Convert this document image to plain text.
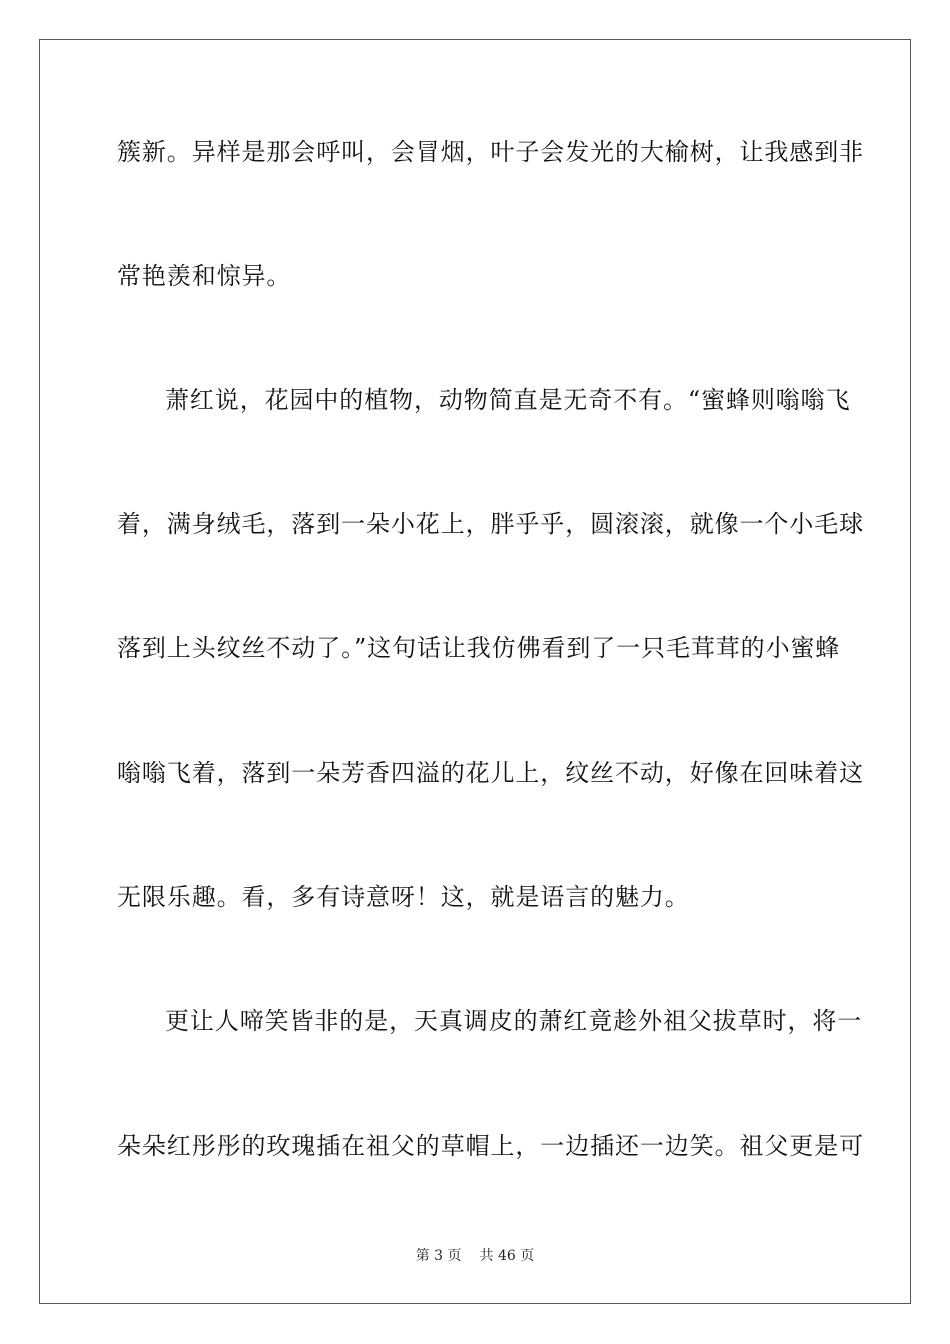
簇新。异样是那会呼叫，会冒烟，叶子会发光的大榆树，让我感到非
常艳羡和惊异。
萧红说，花园中的植物，动物简直是无奇不有。“蜜蜂则嗡嗡飞
着，满身绒毛，落到一朵小花上，胖乎乎，圆滚滚，就像一个小毛球
落到上头纹丝不动了。”这句话让我仿佛看到了一只毛茸茸的小蜜蜂
嗡嗡飞着，落到一朵芳香四溢的花儿上，纹丝不动，好像在回味着这
无限乐趣。看，多有诗意呀！这，就是语言的魅力。
更让人啼笑皆非的是，天真调皮的萧红竟趁外祖父拔草时，将一
朵朵红彤彤的玫瑰插在祖父的草帽上，一边插还一边笑。祖父更是可
第 3 页 共 46 页
